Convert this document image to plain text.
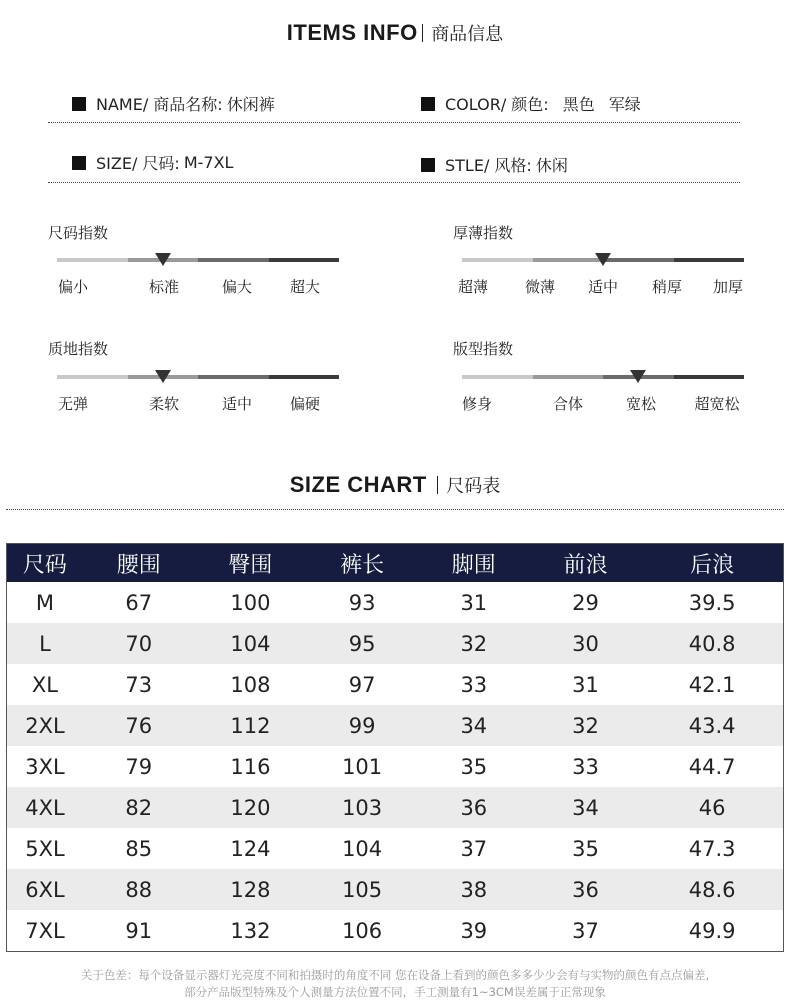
ITEMS INFO 商品信息
NAME/ 商品名称: 休闲裤	COLOR/ 颜色: 黑色 军绿
SIZE/ 尺码: M-7XL	STLE/ 风格: 休闲
尺码指数
偏小	标准	偏大	超大
厚薄指数
超薄 微薄 适中 稍厚 加厚
质地指数
无弹	柔软	适中	偏硬
版型指数
修身	合体	宽松	超宽松
SIZE CHART 尺码表
尺码	腰围	臀围	裤长	脚围	前浪	后浪
M	67	100	93	31	29	39.5
L	70	104	95	32	30	40.8
XL	73	108	97	33	31	42.1
2XL	76	112	99	34	32	43.4
3XL	79	116	101	35	33	44.7
4XL	82	120	103	36	34	46
5XL	85	124	104	37	35	47.3
6XL	88	128	105	38	36	48.6
7XL	91	132	106	39	37	49.9
关于色差：每个设备显示器灯光亮度不同和拍摄时的角度不同 您在设备上看到的颜色多多少少会有与实物的颜色有点点偏差,
部分产品版型特殊及个人测量方法位置不同，手工测量有1~3CM误差属于正常现象
